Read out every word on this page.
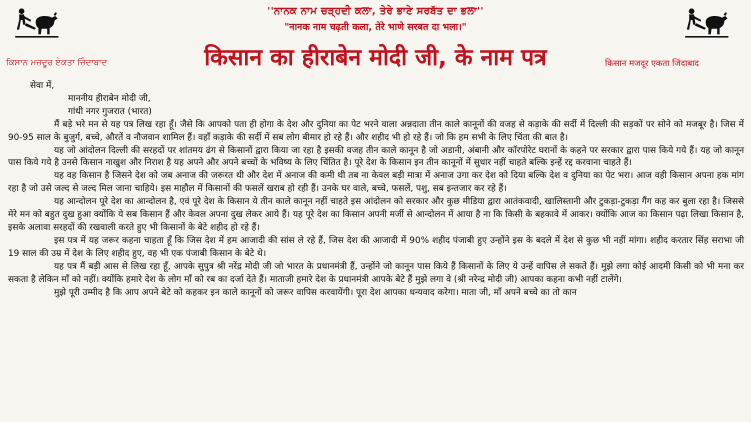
''ਨਾਨਕ ਨਾਮ ਚੜ੍ਹਦੀ ਕਲਾ, ਤੇਰੇ ਭਾਣੇ ਸਰਬੱਤ ਦਾ ਭਲਾ''
"नानक नाम चढ़ती कला, तेरे भाणे सरबत दा भला।"
ਕਿਸਾਨ ਮਜ਼ਦੂਰ ਏਕਤਾ ਜ਼ਿੰਦਾਬਾਦ	किसान का हीराबेन मोदी जी, के नाम पत्र	किसान मजदूर एकता जिंदाबाद

सेवा में,

माननीय हीराबेन मोदी जी,

गांधी नगर गुजरात (भारत)

मैं बड़े भरे मन से यह पत्र लिख रहा हूँ। जैसे कि आपको पता ही होगा के देश और दुनिया का पेट भरने वाला अन्नदाता तीन काले कानूनों की वजह से कड़ाके की सर्दी में दिल्ली की सड़कों पर सोने को मजबूर है। जिस में 90-95 साल के बुजुर्ग, बच्चे, औरतें व नौजवान शामिल हैं। वहाँ कड़ाके की सर्दी में सब लोग बीमार हो रहे हैं। और शहीद भी हो रहे हैं। जो कि हम सभी के लिए चिंता की बात है।

यह जो आंदोलन दिल्ली की सरहदों पर शांतमय ढंग से किसानों द्वारा किया जा रहा है इसकी वजह तीन काले कानून है जो अडानी, अंबानी और कॉरपोरेट घरानों के कहने पर सरकार द्वारा पास किये गये हैं। यह जो कानून पास किये गये है उनसे किसान नाखुश और निराश है यह अपने और अपने बच्चों के भविष्य के लिए चिंतित है। पूरे देश के किसान इन तीन कानूनों में सुधार नहीं चाहते बल्कि इन्हें रद्द करवाना चाहते हैं।

यह वह किसान है जिसने देश को जब अनाज की जरूरत थी और देश में अनाज की कमी थी तब ना केवल बड़ी मात्रा में अनाज उगा कर देश को दिया बल्कि देश व दुनिया का पेट भरा। आज वही किसान अपना हक मांग रहा है जो उसे जल्द से जल्द मिल जाना चाहिये। इस माहौल में किसानों की फसलें खराब हो रही हैं। उनके घर वाले, बच्चे, फसलें, पशु, सब इन्तजार कर रहे हैं।

यह आन्दोलन पूरे देश का आन्दोलन है, एवं पूरे देश के किसान ये तीन काले कानून नहीं चाहते इस आंदोलन को सरकार और कुछ मीडिया द्वारा आतंकवादी, खालिस्तानी और टुकड़ा-टुकड़ा गैंग कह कर बुला रहा है। जिससे मेरे मन को बहुत दुख हुआ क्योंकि ये सब किसान हैं और केवल अपना दुख लेकर आये हैं। यह पूरे देश का किसान अपनी मर्जी से आन्दोलन में आया है ना कि किसी के बहकावे में आकर। क्योंकि आज का किसान पढ़ा लिखा किसान है, इसके अलावा सरहदों की रखवाली करते हुए भी किसानों के बेटे शहीद हो रहे हैं।

इस पत्र में यह जरूर कहना चाहता हूँ कि जिस देश में हम आजादी की सांस ले रहे हैं, जिस देश की आजादी में 90% शहीद पंजाबी हुए उन्होंने इस के बदले में देश से कुछ भी नहीं मांगा। शहीद करतार सिंह सराभा जी 19 साल की उम्र में देश के लिए शहीद हुए, वह भी एक पंजाबी किसान के बेटे थे।

यह पत्र मैं बड़ी आस से लिख रहा हूँ, आपके सुपुत्र श्री नरेंद्र मोदी जी जो भारत के प्रधानमंत्री हैं, उन्होंने जो कानून पास किये हैं किसानों के लिए ये उन्हें वापिस ले सकते हैं। मुझे लगा कोई आदमी किसी को भी मना कर सकता है लेकिन माँ को नहीं। क्योंकि हमारे देश के लोग माँ को रब का दर्जा देते हैं। माताजी हमारे देश के प्रधानमंत्री आपके बेटे हैं मुझे लगा वे (श्री नरेन्द्र मोदी जी) आपका कहना कभी नहीं टालेंगे।

मुझे पूरी उम्मीद है कि आप अपने बेटे को कहकर इन काले कानूनों को जरूर वापिस करवायेंगी। पूरा देश आपका धन्यवाद करेगा। माता जी, माँ अपने बच्चे का तो कान
